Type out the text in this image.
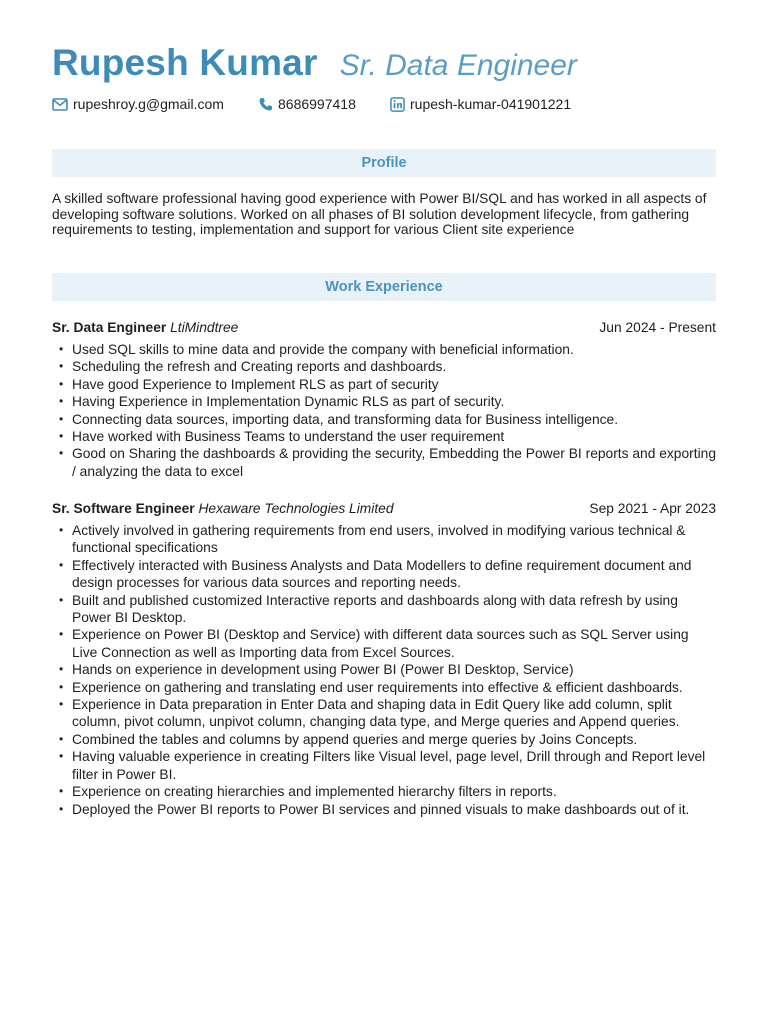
Rupesh Kumar Sr. Data Engineer
rupeshroy.g@gmail.com	8686997418	rupesh-kumar-041901221
Profile
A skilled software professional having good experience with Power BI/SQL and has worked in all aspects of developing software solutions. Worked on all phases of BI solution development lifecycle, from gathering requirements to testing, implementation and support for various Client site experience
Work Experience
Sr. Data Engineer LtiMindtree	Jun 2024 - Present
• Used SQL skills to mine data and provide the company with beneficial information.
• Scheduling the refresh and Creating reports and dashboards.
• Have good Experience to Implement RLS as part of security
• Having Experience in Implementation Dynamic RLS as part of security.
• Connecting data sources, importing data, and transforming data for Business intelligence.
• Have worked with Business Teams to understand the user requirement
• Good on Sharing the dashboards & providing the security, Embedding the Power BI reports and exporting / analyzing the data to excel
Sr. Software Engineer Hexaware Technologies Limited	Sep 2021 - Apr 2023
• Actively involved in gathering requirements from end users, involved in modifying various technical & functional specifications
• Effectively interacted with Business Analysts and Data Modellers to define requirement document and design processes for various data sources and reporting needs.
• Built and published customized Interactive reports and dashboards along with data refresh by using Power BI Desktop.
• Experience on Power BI (Desktop and Service) with different data sources such as SQL Server using Live Connection as well as Importing data from Excel Sources.
• Hands on experience in development using Power BI (Power BI Desktop, Service)
• Experience on gathering and translating end user requirements into effective & efficient dashboards.
• Experience in Data preparation in Enter Data and shaping data in Edit Query like add column, split column, pivot column, unpivot column, changing data type, and Merge queries and Append queries.
• Combined the tables and columns by append queries and merge queries by Joins Concepts.
• Having valuable experience in creating Filters like Visual level, page level, Drill through and Report level filter in Power BI.
• Experience on creating hierarchies and implemented hierarchy filters in reports.
• Deployed the Power BI reports to Power BI services and pinned visuals to make dashboards out of it.
